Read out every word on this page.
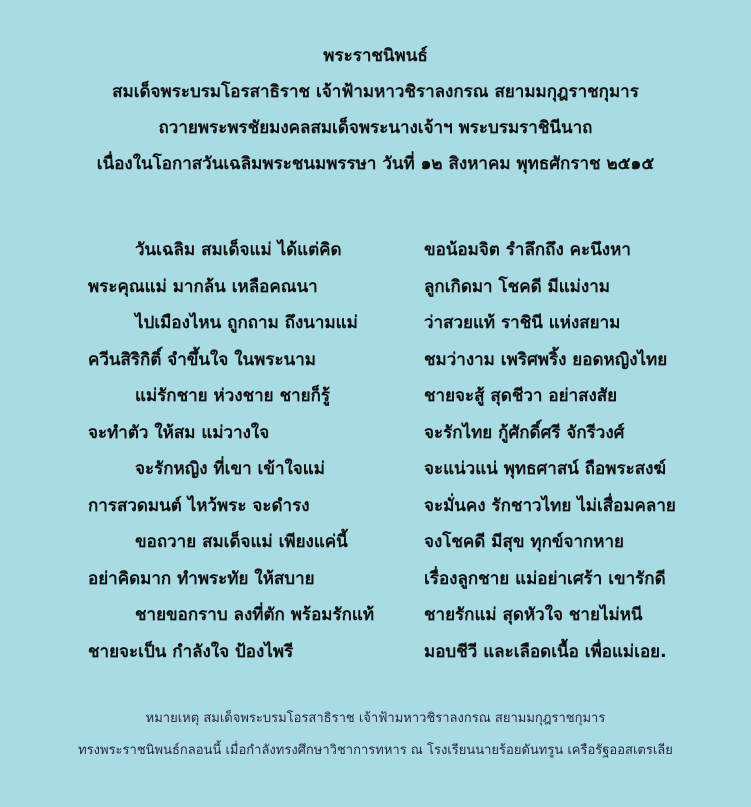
พระราชนิพนธ์
สมเด็จพระบรมโอรสาธิราช เจ้าฟ้ามหาวชิราลงกรณ สยามมกุฎราชกุมาร
ถวายพระพรชัยมงคลสมเด็จพระนางเจ้าฯ พระบรมราชินีนาถ
เนื่องในโอกาสวันเฉลิมพระชนมพรรษา วันที่ ๑๒ สิงหาคม พุทธศักราช ๒๕๑๕
วันเฉลิม สมเด็จแม่ ได้แต่คิด	ขอน้อมจิต รำลึกถึง คะนึงหา
พระคุณแม่ มากล้น เหลือคณนา	ลูกเกิดมา โชคดี มีแม่งาม
ไปเมืองไหน ถูกถาม ถึงนามแม่	ว่าสวยแท้ ราชินี แห่งสยาม
ควีนสิริกิติ์ จำขึ้นใจ ในพระนาม	ชมว่างาม เพริศพริ้ง ยอดหญิงไทย
แม่รักชาย ห่วงชาย ชายก็รู้	ชายจะสู้ สุดชีวา อย่าสงสัย
จะทำตัว ให้สม แม่วางใจ	จะรักไทย กู้ศักดิ์ศรี จักรีวงศ์
จะรักหญิง ที่เขา เข้าใจแม่	จะแน่วแน่ พุทธศาสน์ ถือพระสงฆ์
การสวดมนต์ ไหว้พระ จะดำรง	จะมั่นคง รักชาวไทย ไม่เสื่อมคลาย
ขอถวาย สมเด็จแม่ เพียงแค่นี้	จงโชคดี มีสุข ทุกข์จากหาย
อย่าคิดมาก ทำพระทัย ให้สบาย	เรื่องลูกชาย แม่อย่าเศร้า เขารักดี
ชายขอกราบ ลงที่ตัก พร้อมรักแท้	ชายรักแม่ สุดหัวใจ ชายไม่หนี
ชายจะเป็น กำลังใจ ป้องไพรี	มอบชีวี และเลือดเนื้อ เพื่อแม่เอย.
หมายเหตุ สมเด็จพระบรมโอรสาธิราช เจ้าฟ้ามหาวชิราลงกรณ สยามมกุฎราชกุมาร
ทรงพระราชนิพนธ์กลอนนี้ เมื่อกำลังทรงศึกษาวิชาการทหาร ณ โรงเรียนนายร้อยดันทรูน เครือรัฐออสเตรเลีย
